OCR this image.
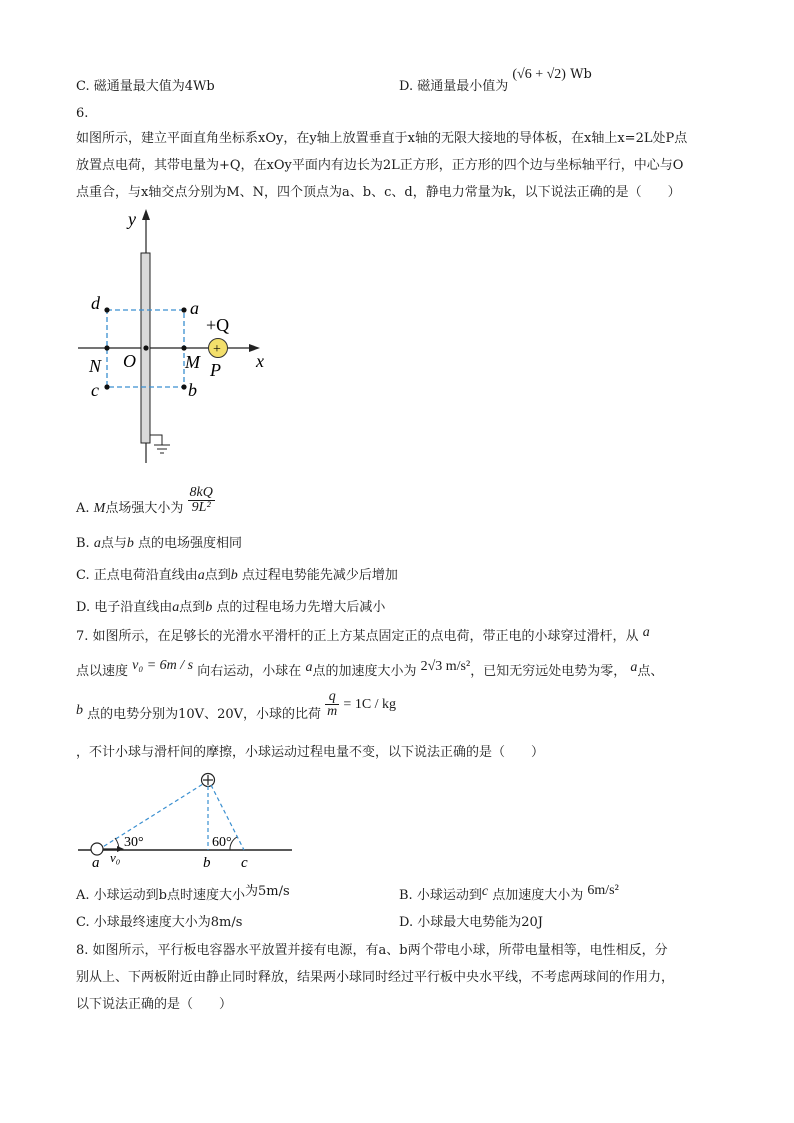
C. 磁通量最大值为4Wb	D. 磁通量最小值为 (√6 + √2) Wb
6.
如图所示，建立平面直角坐标系xOy，在y轴上放置垂直于x轴的无限大接地的导体板，在x轴上x=2L处P点
放置点电荷，其带电量为+Q，在xOy平面内有边长为2L正方形，正方形的四个边与坐标轴平行，中心与O
点重合，与x轴交点分别为M、N，四个顶点为a、b、c、d，静电力常量为k，以下说法正确的是（　　）
y
x
+
d	a
c	b
N O	M P
+Q
A. M点场强大小为 $\frac{8kQ}{\text{9L²}}$
B. a点与b 点的电场强度相同
C. 正点电荷沿直线由a点到b 点过程电势能先减少后增加
D. 电子沿直线由a点到b 点的过程电场力先增大后减小
7. 如图所示，在足够长的光滑水平滑杆的正上方某点固定正的点电荷，带正电的小球穿过滑杆，从 a
点以速度 v₀ = 6m / s 向右运动，小球在 a点的加速度大小为 2√3 m/s²，已知无穷远处电势为零， a点、
b 点的电势分别为10V、20V，小球的比荷 $\frac{q}{m} = 1C$ / kg
，不计小球与滑杆间的摩擦，小球运动过程电量不变，以下说法正确的是（　　）
30°	60°
a v₀	b c
A. 小球运动到b点时速度大小为5m/s	B. 小球运动到c 点加速度大小为 6m/s²
C. 小球最终速度大小为8m/s	D. 小球最大电势能为20J
8. 如图所示，平行板电容器水平放置并接有电源，有a、b两个带电小球，所带电量相等，电性相反，分
别从上、下两板附近由静止同时释放，结果两小球同时经过平行板中央水平线，不考虑两球间的作用力，
以下说法正确的是（　　）
